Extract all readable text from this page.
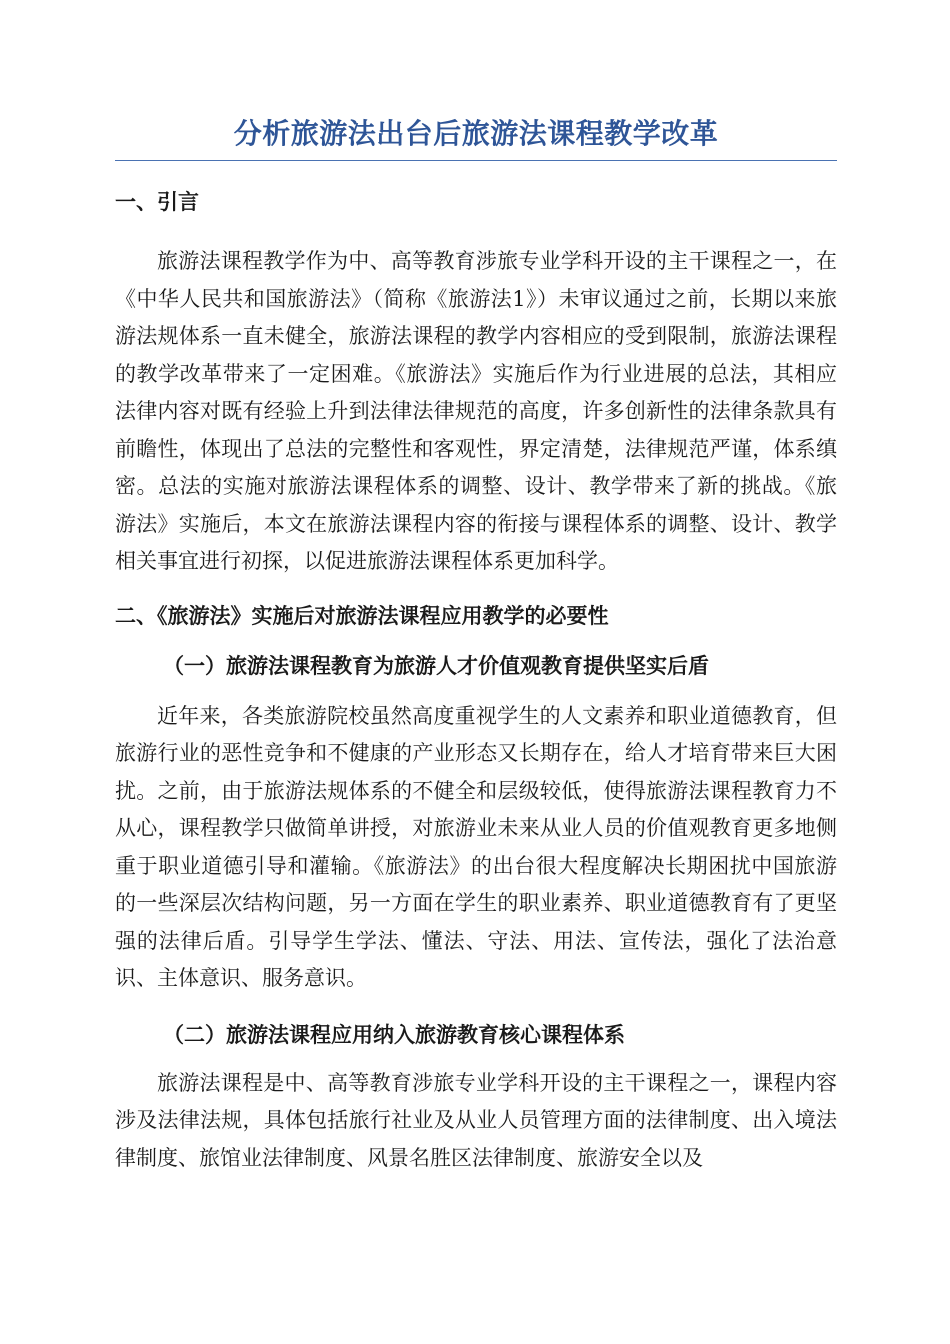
分析旅游法出台后旅游法课程教学改革
一、引言

旅游法课程教学作为中、高等教育涉旅专业学科开设的主干课程之一，在《中华人民共和国旅游法》（简称《旅游法1》）未审议通过之前，长期以来旅游法规体系一直未健全，旅游法课程的教学内容相应的受到限制，旅游法课程的教学改革带来了一定困难。《旅游法》实施后作为行业进展的总法，其相应法律内容对既有经验上升到法律法律规范的高度，许多创新性的法律条款具有前瞻性，体现出了总法的完整性和客观性，界定清楚，法律规范严谨，体系缜密。总法的实施对旅游法课程体系的调整、设计、教学带来了新的挑战。《旅游法》实施后，本文在旅游法课程内容的衔接与课程体系的调整、设计、教学相关事宜进行初探，以促进旅游法课程体系更加科学。

二、《旅游法》实施后对旅游法课程应用教学的必要性
（一）旅游法课程教育为旅游人才价值观教育提供坚实后盾

近年来，各类旅游院校虽然高度重视学生的人文素养和职业道德教育，但旅游行业的恶性竞争和不健康的产业形态又长期存在，给人才培育带来巨大困扰。之前，由于旅游法规体系的不健全和层级较低，使得旅游法课程教育力不从心，课程教学只做简单讲授，对旅游业未来从业人员的价值观教育更多地侧重于职业道德引导和灌输。《旅游法》的出台很大程度解决长期困扰中国旅游的一些深层次结构问题，另一方面在学生的职业素养、职业道德教育有了更坚强的法律后盾。引导学生学法、懂法、守法、用法、宣传法，强化了法治意识、主体意识、服务意识。

（二）旅游法课程应用纳入旅游教育核心课程体系

旅游法课程是中、高等教育涉旅专业学科开设的主干课程之一，课程内容涉及法律法规，具体包括旅行社业及从业人员管理方面的法律制度、出入境法律制度、旅馆业法律制度、风景名胜区法律制度、旅游安全以及
